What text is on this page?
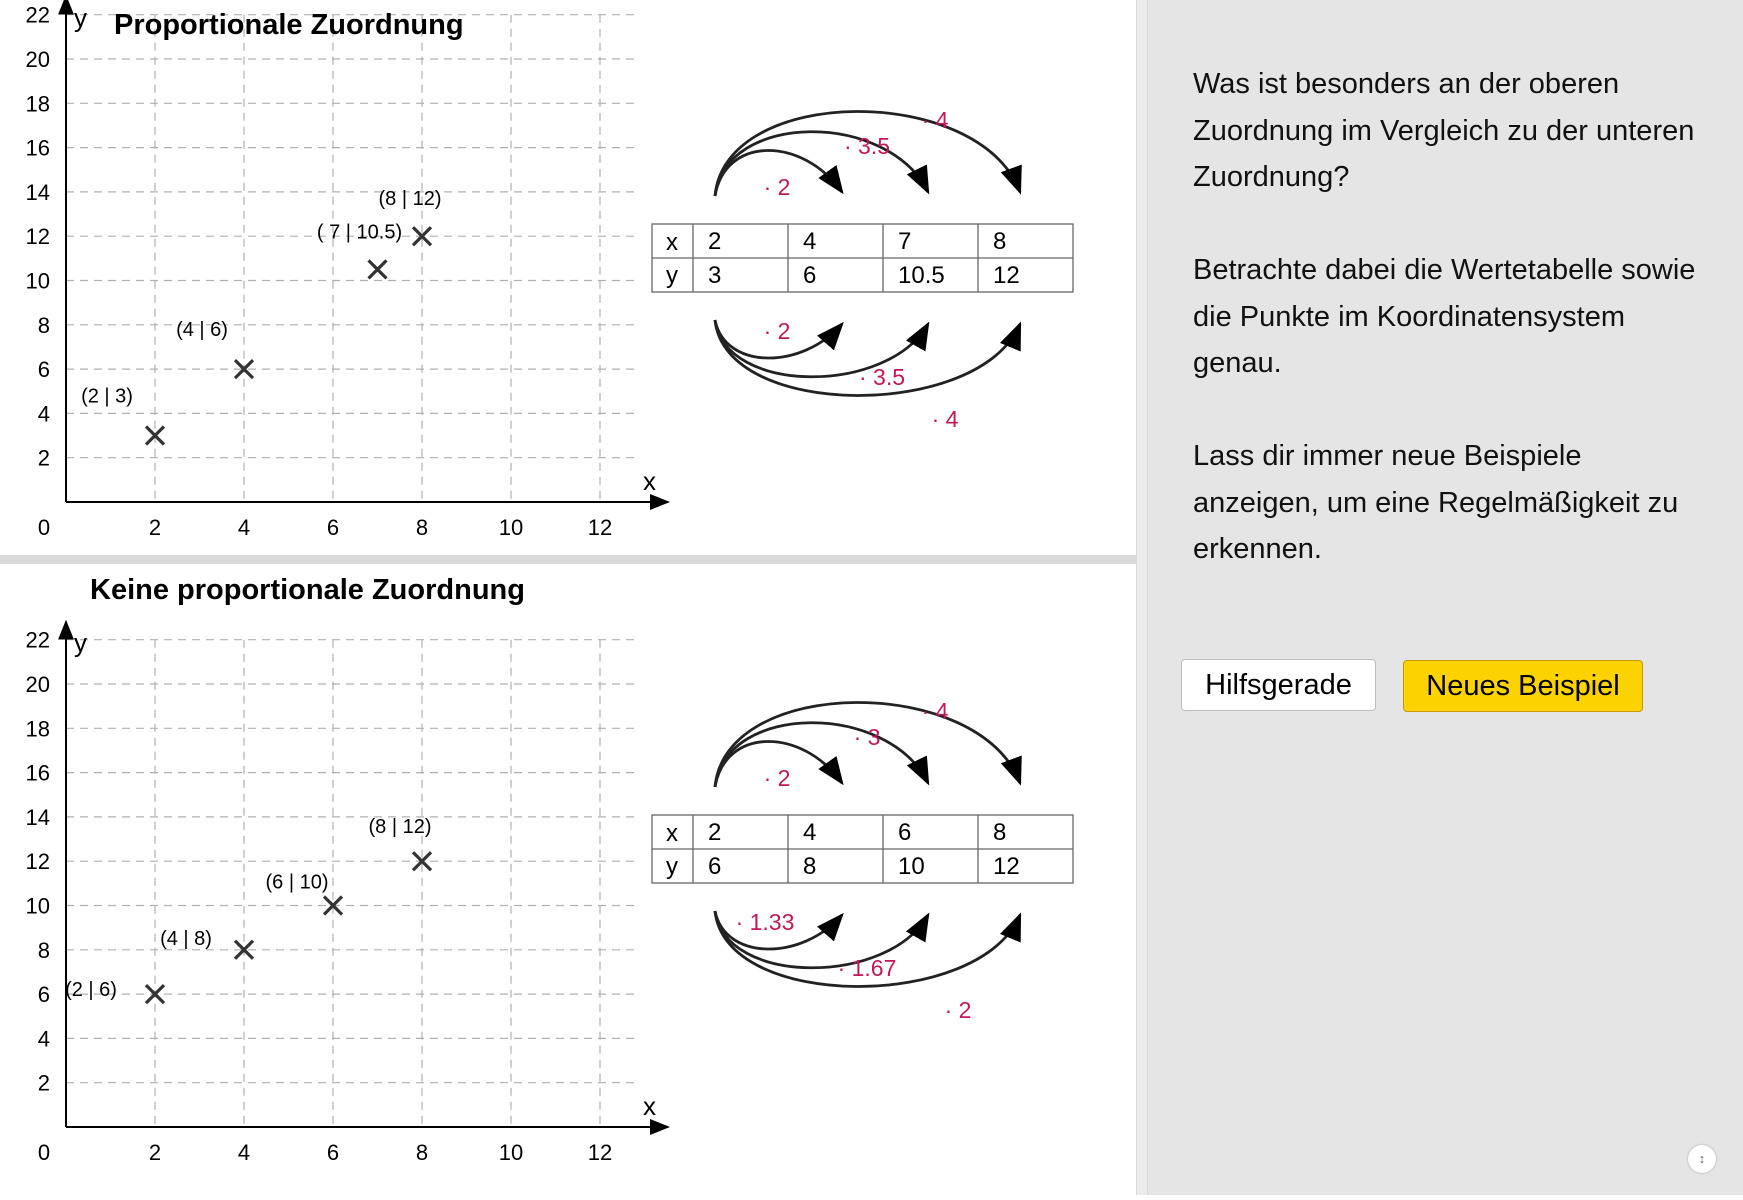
x
y
0	2	4	6	8	10	12
2
4
6
8
10
12
14
16
18
20
22 Proportionale Zuordnung
(2 | 3)
(4 | 6)
( 7 | 10.5)
(8 | 12)
x
y
2	4	7	8
3	6	10.5 12
· 2
· 3.5
· 4
· 2
· 3.5
· 4
x
y
0	2	4	6	8	10	12
2
4
6
8
10
12
14
16
18
20
22
Keine proportionale Zuordnung
(2 | 6)
(4 | 8)
(6 | 10)
(8 | 12)	x
y
2	4	6	8
6	8	10	12
· 2
· 3
· 4
· 1.33
· 1.67
· 2

Was ist besonders an der oberen Zuordnung im Vergleich zu der unteren Zuordnung?

Betrachte dabei die Wertetabelle sowie die Punkte im Koordinatensystem genau.

Lass dir immer neue Beispiele anzeigen, um eine Regelmäßigkeit zu erkennen.

Hilfsgerade	Neues Beispiel
↕
